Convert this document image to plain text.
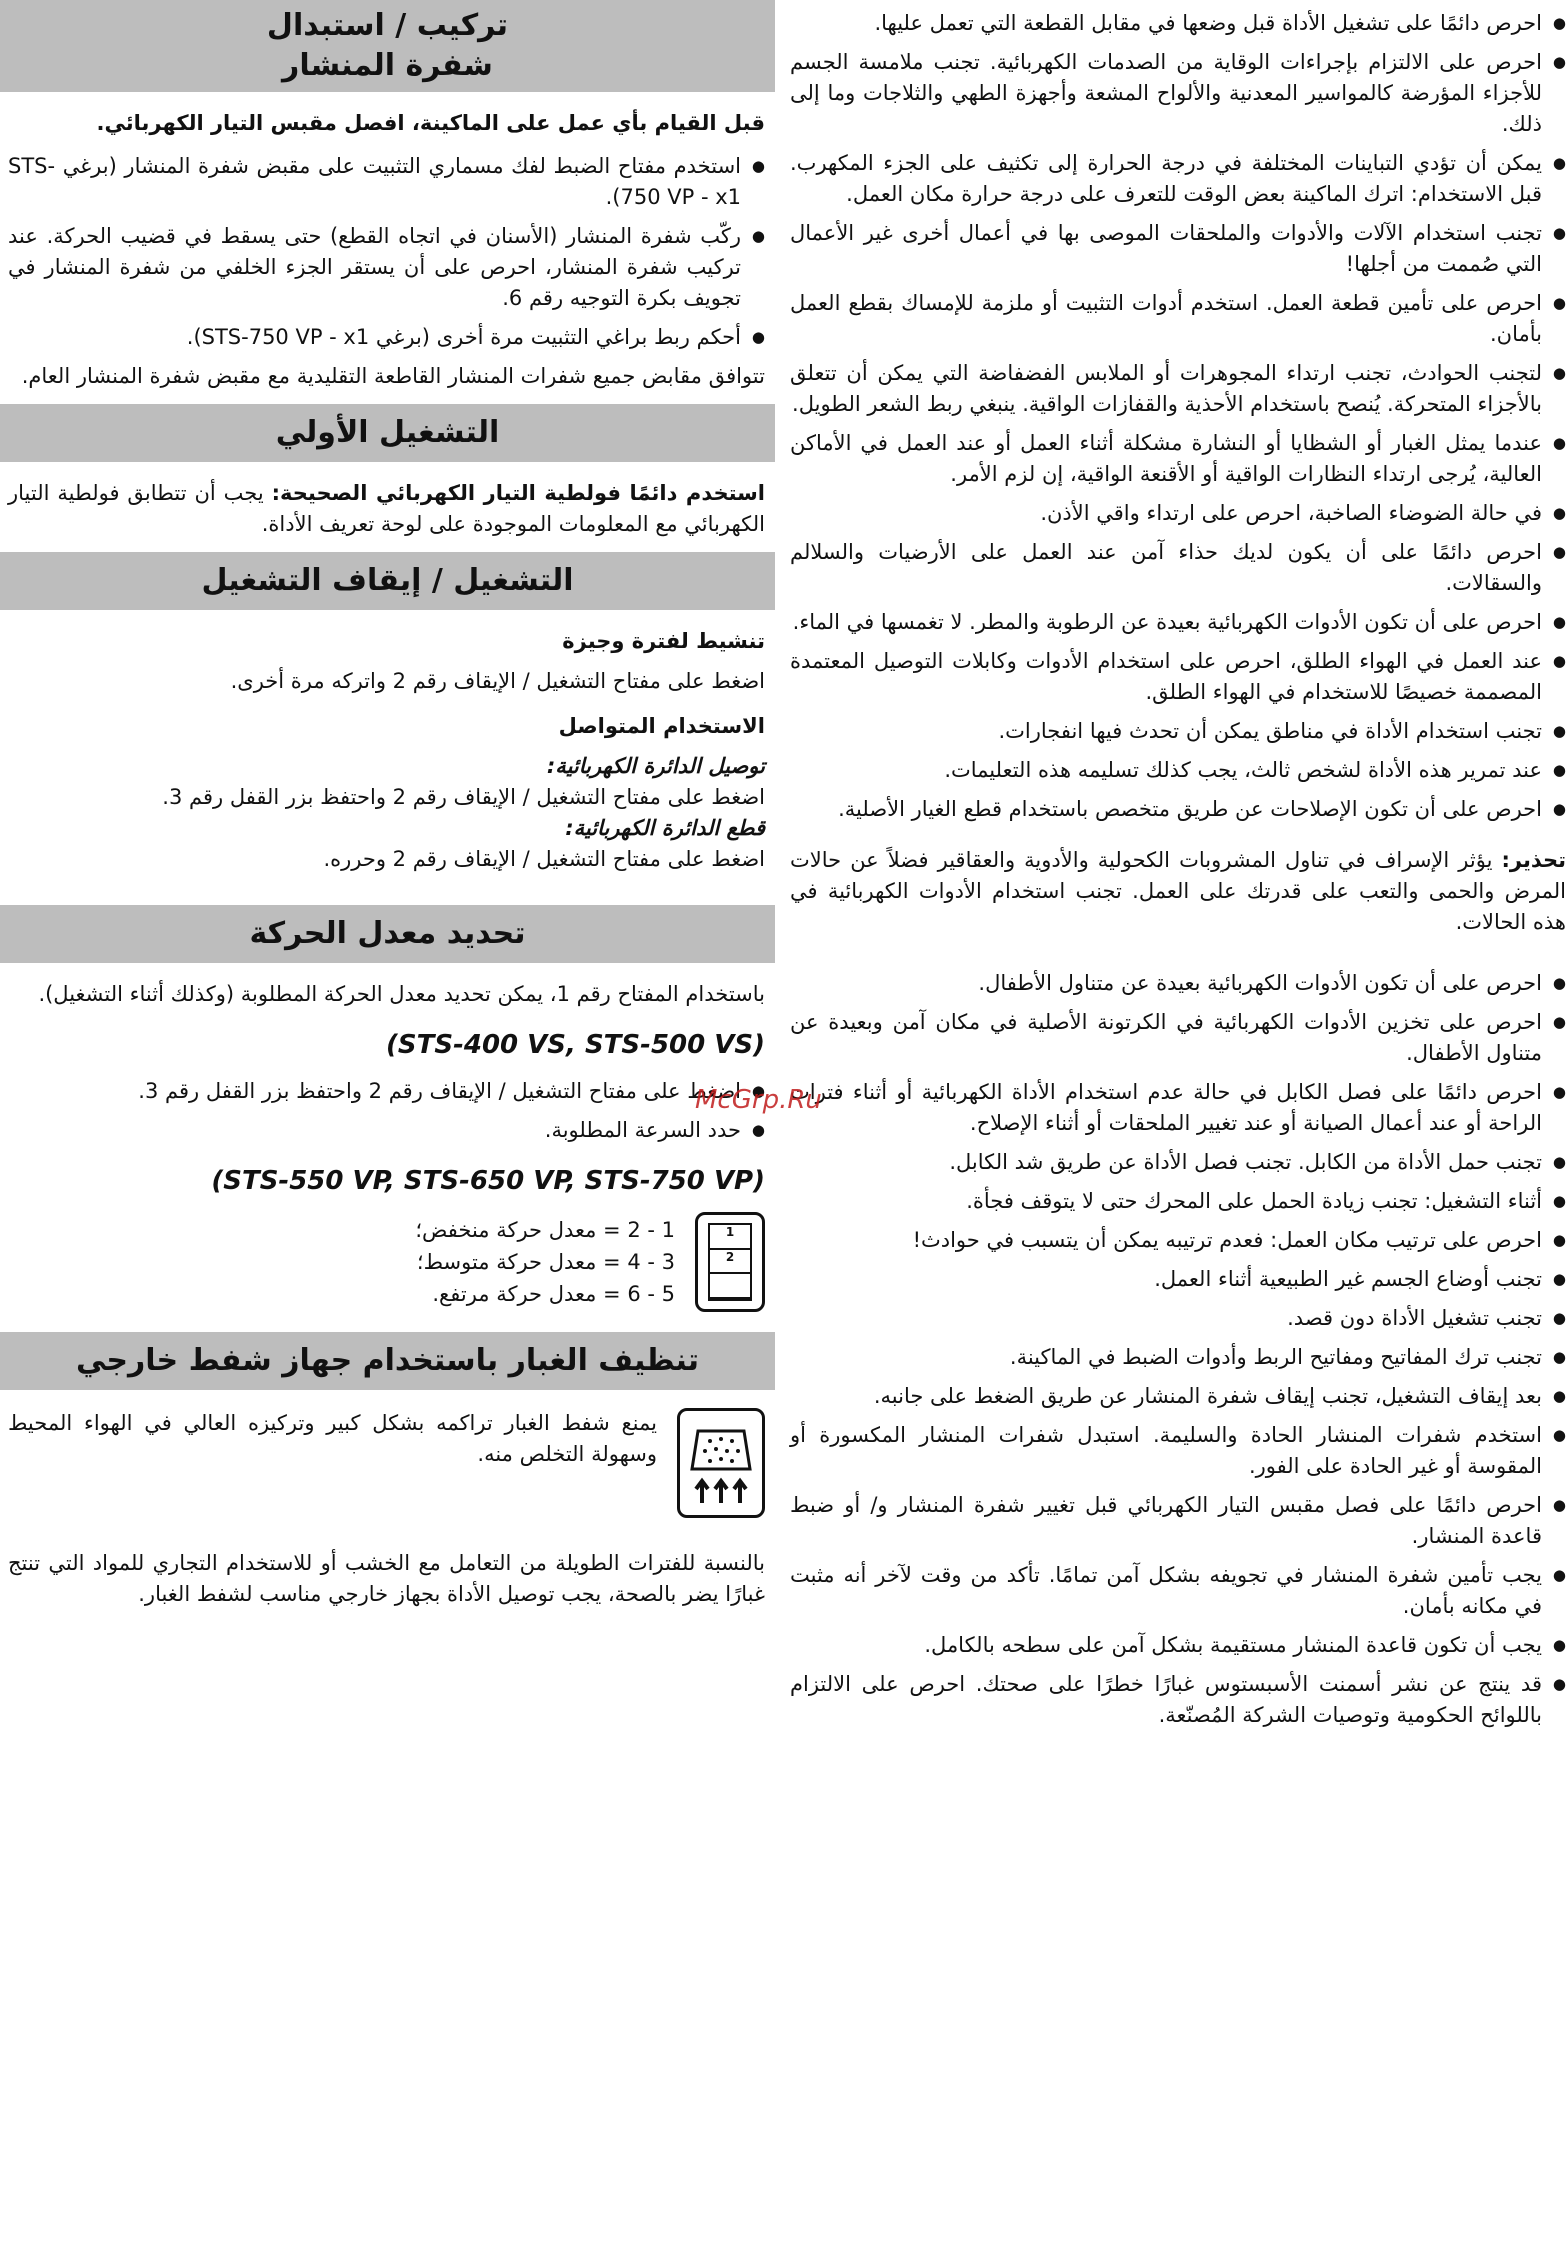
تركيب / استبدال
شفرة المنشار

قبل القيام بأي عمل على الماكينة، افصل مقبس التيار الكهربائي.

● استخدم مفتاح الضبط لفك مسماري التثبيت على مقبض شفرة المنشار (برغي STS-750 VP - x1).
● ركّب شفرة المنشار (الأسنان في اتجاه القطع) حتى يسقط في قضيب الحركة. عند تركيب شفرة المنشار، احرص على أن يستقر الجزء الخلفي من شفرة المنشار في تجويف بكرة التوجيه رقم 6.
● أحكم ربط براغي التثبيت مرة أخرى (برغي STS-750 VP - x1).

تتوافق مقابض جميع شفرات المنشار القاطعة التقليدية مع مقبض شفرة المنشار العام.

التشغيل الأولي

استخدم دائمًا فولطية التيار الكهربائي الصحيحة: يجب أن تتطابق فولطية التيار الكهربائي مع المعلومات الموجودة على لوحة تعريف الأداة.

التشغيل / إيقاف التشغيل
تنشيط لفترة وجيزة

اضغط على مفتاح التشغيل / الإيقاف رقم 2 واتركه مرة أخرى.

الاستخدام المتواصل
توصيل الدائرة الكهربائية:
اضغط على مفتاح التشغيل / الإيقاف رقم 2 واحتفظ بزر القفل رقم 3.
قطع الدائرة الكهربائية:
اضغط على مفتاح التشغيل / الإيقاف رقم 2 وحرره.
تحديد معدل الحركة

باستخدام المفتاح رقم 1، يمكن تحديد معدل الحركة المطلوبة (وكذلك أثناء التشغيل).

(STS-400 VS, STS-500 VS)
● اضغط على مفتاح التشغيل / الإيقاف رقم 2 واحتفظ بزر القفل رقم 3.
● حدد السرعة المطلوبة.
(STS-550 VP, STS-650 VP, STS-750 VP)
1
2
1 - 2 = معدل حركة منخفض؛
3 - 4 = معدل حركة متوسط؛
5 - 6 = معدل حركة مرتفع.
تنظيف الغبار باستخدام جهاز شفط خارجي
يمنع شفط الغبار تراكمه بشكل كبير وتركيزه العالي في الهواء المحيط وسهولة التخلص منه.

بالنسبة للفترات الطويلة من التعامل مع الخشب أو للاستخدام التجاري للمواد التي تنتج غبارًا يضر بالصحة، يجب توصيل الأداة بجهاز خارجي مناسب لشفط الغبار.

● احرص دائمًا على تشغيل الأداة قبل وضعها في مقابل القطعة التي تعمل عليها.
● احرص على الالتزام بإجراءات الوقاية من الصدمات الكهربائية. تجنب ملامسة الجسم للأجزاء المؤرضة كالمواسير المعدنية والألواح المشعة وأجهزة الطهي والثلاجات وما إلى ذلك.
● يمكن أن تؤدي التباينات المختلفة في درجة الحرارة إلى تكثيف على الجزء المكهرب. قبل الاستخدام: اترك الماكينة بعض الوقت للتعرف على درجة حرارة مكان العمل.
● تجنب استخدام الآلات والأدوات والملحقات الموصى بها في أعمال أخرى غير الأعمال التي صُممت من أجلها!
● احرص على تأمين قطعة العمل. استخدم أدوات التثبيت أو ملزمة للإمساك بقطع العمل بأمان.
● لتجنب الحوادث، تجنب ارتداء المجوهرات أو الملابس الفضفاضة التي يمكن أن تتعلق بالأجزاء المتحركة. يُنصح باستخدام الأحذية والقفازات الواقية. ينبغي ربط الشعر الطويل.
● عندما يمثل الغبار أو الشظايا أو النشارة مشكلة أثناء العمل أو عند العمل في الأماكن العالية، يُرجى ارتداء النظارات الواقية أو الأقنعة الواقية، إن لزم الأمر.
● في حالة الضوضاء الصاخبة، احرص على ارتداء واقي الأذن.
● احرص دائمًا على أن يكون لديك حذاء آمن عند العمل على الأرضيات والسلالم والسقالات.
● احرص على أن تكون الأدوات الكهربائية بعيدة عن الرطوبة والمطر. لا تغمسها في الماء.
● عند العمل في الهواء الطلق، احرص على استخدام الأدوات وكابلات التوصيل المعتمدة المصممة خصيصًا للاستخدام في الهواء الطلق.
● تجنب استخدام الأداة في مناطق يمكن أن تحدث فيها انفجارات.
● عند تمرير هذه الأداة لشخص ثالث، يجب كذلك تسليمه هذه التعليمات.
● احرص على أن تكون الإصلاحات عن طريق متخصص باستخدام قطع الغيار الأصلية.

تحذير: يؤثر الإسراف في تناول المشروبات الكحولية والأدوية والعقاقير فضلاً عن حالات المرض والحمى والتعب على قدرتك على العمل. تجنب استخدام الأدوات الكهربائية في هذه الحالات.

● احرص على أن تكون الأدوات الكهربائية بعيدة عن متناول الأطفال.
● احرص على تخزين الأدوات الكهربائية في الكرتونة الأصلية في مكان آمن وبعيدة عن متناول الأطفال.
● احرص دائمًا على فصل الكابل في حالة عدم استخدام الأداة الكهربائية أو أثناء فترات الراحة أو عند أعمال الصيانة أو عند تغيير الملحقات أو أثناء الإصلاح.
● تجنب حمل الأداة من الكابل. تجنب فصل الأداة عن طريق شد الكابل.
● أثناء التشغيل: تجنب زيادة الحمل على المحرك حتى لا يتوقف فجأة.
● احرص على ترتيب مكان العمل: فعدم ترتيبه يمكن أن يتسبب في حوادث!
● تجنب أوضاع الجسم غير الطبيعية أثناء العمل.
● تجنب تشغيل الأداة دون قصد.
● تجنب ترك المفاتيح ومفاتيح الربط وأدوات الضبط في الماكينة.
● بعد إيقاف التشغيل، تجنب إيقاف شفرة المنشار عن طريق الضغط على جانبه.
● استخدم شفرات المنشار الحادة والسليمة. استبدل شفرات المنشار المكسورة أو المقوسة أو غير الحادة على الفور.
● احرص دائمًا على فصل مقبس التيار الكهربائي قبل تغيير شفرة المنشار و/ أو ضبط قاعدة المنشار.
● يجب تأمين شفرة المنشار في تجويفه بشكل آمن تمامًا. تأكد من وقت لآخر أنه مثبت في مكانه بأمان.
● يجب أن تكون قاعدة المنشار مستقيمة بشكل آمن على سطحه بالكامل.
● قد ينتج عن نشر أسمنت الأسبستوس غبارًا خطرًا على صحتك. احرص على الالتزام باللوائح الحكومية وتوصيات الشركة المُصنّعة.
McGrp.Ru
